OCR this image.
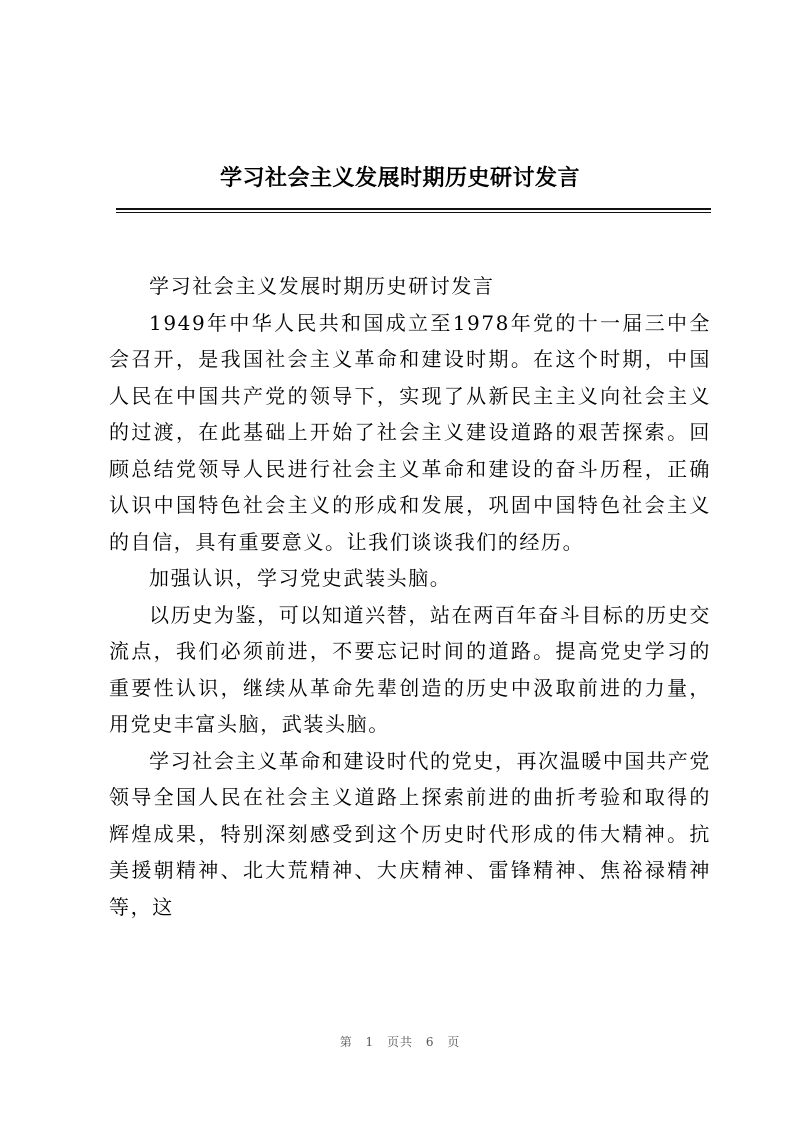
学习社会主义发展时期历史研讨发言

学习社会主义发展时期历史研讨发言

1949年中华人民共和国成立至1978年党的十一届三中全会召开，是我国社会主义革命和建设时期。在这个时期，中国人民在中国共产党的领导下，实现了从新民主主义向社会主义的过渡，在此基础上开始了社会主义建设道路的艰苦探索。回顾总结党领导人民进行社会主义革命和建设的奋斗历程，正确认识中国特色社会主义的形成和发展，巩固中国特色社会主义的自信，具有重要意义。让我们谈谈我们的经历。

加强认识，学习党史武装头脑。

以历史为鉴，可以知道兴替，站在两百年奋斗目标的历史交流点，我们必须前进，不要忘记时间的道路。提高党史学习的重要性认识，继续从革命先辈创造的历史中汲取前进的力量，用党史丰富头脑，武装头脑。

学习社会主义革命和建设时代的党史，再次温暖中国共产党领导全国人民在社会主义道路上探索前进的曲折考验和取得的辉煌成果，特别深刻感受到这个历史时代形成的伟大精神。抗美援朝精神、北大荒精神、大庆精神、雷锋精神、焦裕禄精神等，这

第 1 页共 6 页
